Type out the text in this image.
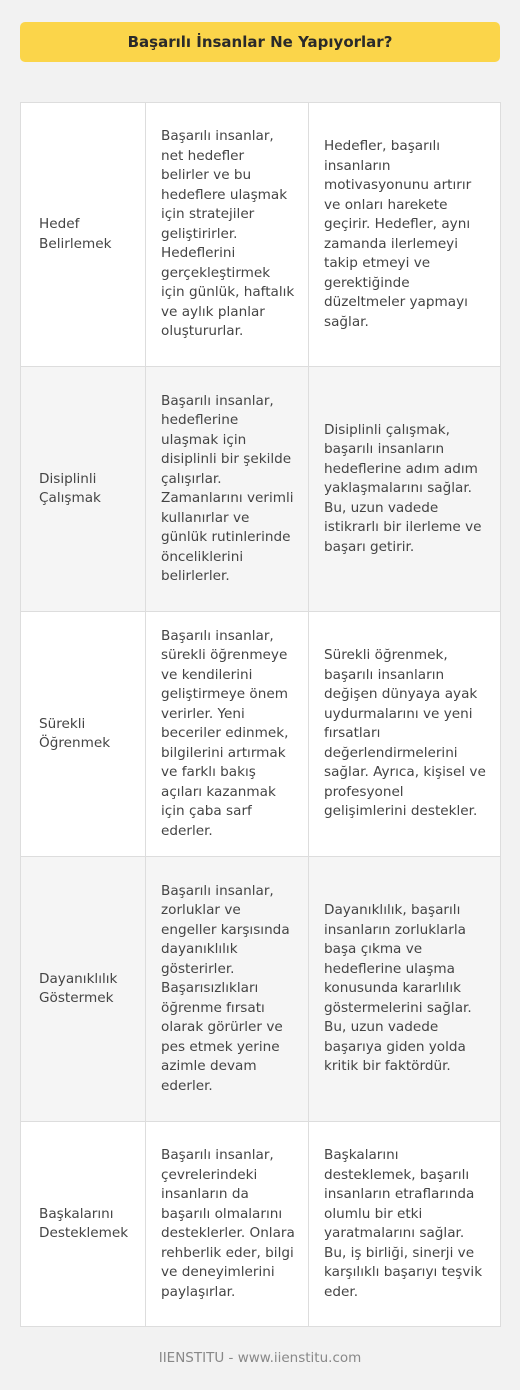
Başarılı İnsanlar Ne Yapıyorlar?
Hedef Belirlemek	Başarılı insanlar, net hedefler belirler ve bu hedeflere ulaşmak için stratejiler geliştirirler. Hedeflerini gerçekleştirmek için günlük, haftalık ve aylık planlar oluştururlar.	Hedefler, başarılı insanların motivasyonunu artırır ve onları harekete geçirir. Hedefler, aynı zamanda ilerlemeyi takip etmeyi ve gerektiğinde düzeltmeler yapmayı sağlar.
Disiplinli Çalışmak	Başarılı insanlar, hedeflerine ulaşmak için disiplinli bir şekilde çalışırlar. Zamanlarını verimli kullanırlar ve günlük rutinlerinde önceliklerini belirlerler.	Disiplinli çalışmak, başarılı insanların hedeflerine adım adım yaklaşmalarını sağlar. Bu, uzun vadede istikrarlı bir ilerleme ve başarı getirir.
Sürekli Öğrenmek	Başarılı insanlar, sürekli öğrenmeye ve kendilerini geliştirmeye önem verirler. Yeni beceriler edinmek, bilgilerini artırmak ve farklı bakış açıları kazanmak için çaba sarf ederler.	Sürekli öğrenmek, başarılı insanların değişen dünyaya ayak uydurmalarını ve yeni fırsatları değerlendirmelerini sağlar. Ayrıca, kişisel ve profesyonel gelişimlerini destekler.
Dayanıklılık Göstermek	Başarılı insanlar, zorluklar ve engeller karşısında dayanıklılık gösterirler. Başarısızlıkları öğrenme fırsatı olarak görürler ve pes etmek yerine azimle devam ederler.	Dayanıklılık, başarılı insanların zorluklarla başa çıkma ve hedeflerine ulaşma konusunda kararlılık göstermelerini sağlar. Bu, uzun vadede başarıya giden yolda kritik bir faktördür.
Başkalarını Desteklemek	Başarılı insanlar, çevrelerindeki insanların da başarılı olmalarını desteklerler. Onlara rehberlik eder, bilgi ve deneyimlerini paylaşırlar.	Başkalarını desteklemek, başarılı insanların etraflarında olumlu bir etki yaratmalarını sağlar. Bu, iş birliği, sinerji ve karşılıklı başarıyı teşvik eder.
IIENSTITU - www.iienstitu.com
